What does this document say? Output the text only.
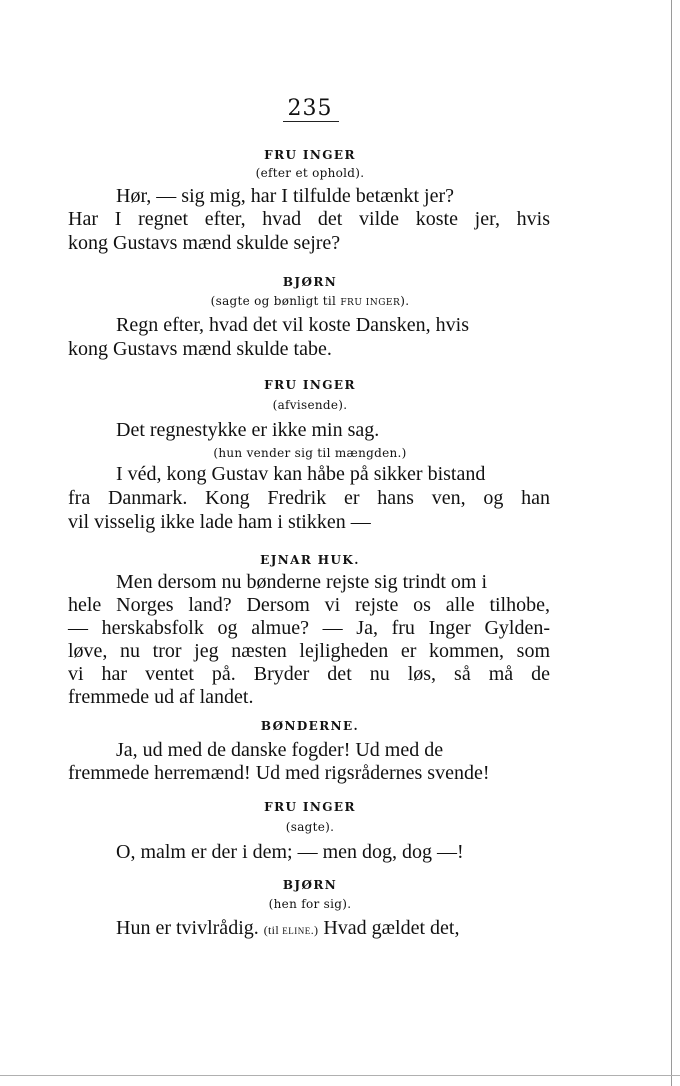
235
FRU INGER
(efter et ophold).
Hør, — sig mig, har I tilfulde betænkt jer?
Har I regnet efter, hvad det vilde koste jer, hvis
kong Gustavs mænd skulde sejre?
BJØRN
(sagte og bønligt til FRU INGER).
Regn efter, hvad det vil koste Dansken, hvis
kong Gustavs mænd skulde tabe.
FRU INGER
(afvisende).
Det regnestykke er ikke min sag.
(hun vender sig til mængden.)
I véd, kong Gustav kan håbe på sikker bistand
fra Danmark. Kong Fredrik er hans ven, og han
vil visselig ikke lade ham i stikken —
EJNAR HUK.
Men dersom nu bønderne rejste sig trindt om i
hele Norges land? Dersom vi rejste os alle tilhobe,
— herskabsfolk og almue? — Ja, fru Inger Gylden-
løve, nu tror jeg næsten lejligheden er kommen, som
vi har ventet på. Bryder det nu løs, så må de
fremmede ud af landet.
BØNDERNE.
Ja, ud med de danske fogder! Ud med de
fremmede herremænd! Ud med rigsrådernes svende!
FRU INGER
(sagte).
O, malm er der i dem; — men dog, dog —!
BJØRN
(hen for sig).
Hun er tvivlrådig. (til ELINE.) Hvad gældet det,
